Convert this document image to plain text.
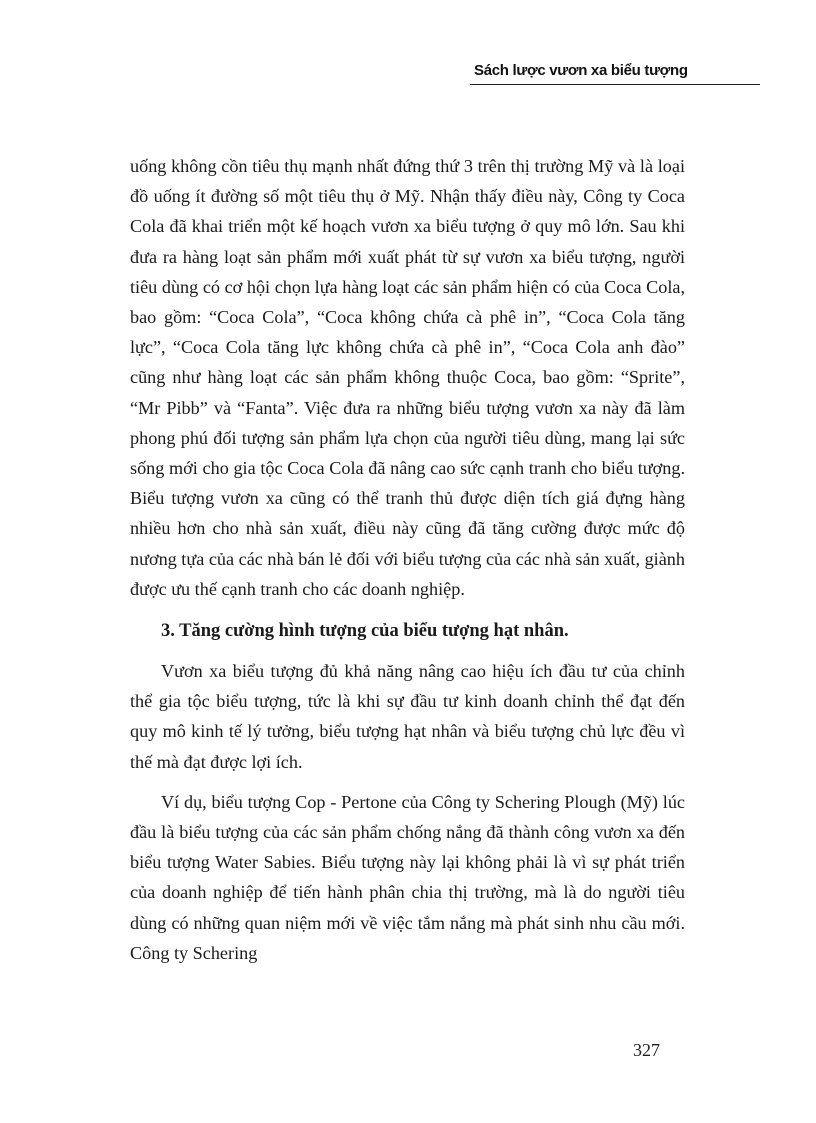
Sách lược vươn xa biểu tượng

uống không cồn tiêu thụ mạnh nhất đứng thứ 3 trên thị trường Mỹ và là loại đồ uống ít đường số một tiêu thụ ở Mỹ. Nhận thấy điều này, Công ty Coca Cola đã khai triển một kế hoạch vươn xa biểu tượng ở quy mô lớn. Sau khi đưa ra hàng loạt sản phẩm mới xuất phát từ sự vươn xa biểu tượng, người tiêu dùng có cơ hội chọn lựa hàng loạt các sản phẩm hiện có của Coca Cola, bao gồm: “Coca Cola”, “Coca không chứa cà phê in”, “Coca Cola tăng lực”, “Coca Cola tăng lực không chứa cà phê in”, “Coca Cola anh đào” cũng như hàng loạt các sản phẩm không thuộc Coca, bao gồm: “Sprite”, “Mr Pibb” và “Fanta”. Việc đưa ra những biểu tượng vươn xa này đã làm phong phú đối tượng sản phẩm lựa chọn của người tiêu dùng, mang lại sức sống mới cho gia tộc Coca Cola đã nâng cao sức cạnh tranh cho biểu tượng. Biểu tượng vươn xa cũng có thể tranh thủ được diện tích giá đựng hàng nhiều hơn cho nhà sản xuất, điều này cũng đã tăng cường được mức độ nương tựa của các nhà bán lẻ đối với biểu tượng của các nhà sản xuất, giành được ưu thế cạnh tranh cho các doanh nghiệp.

3. Tăng cường hình tượng của biểu tượng hạt nhân.

Vươn xa biểu tượng đủ khả năng nâng cao hiệu ích đầu tư của chỉnh thể gia tộc biểu tượng, tức là khi sự đầu tư kinh doanh chỉnh thể đạt đến quy mô kinh tế lý tưởng, biểu tượng hạt nhân và biểu tượng chủ lực đều vì thế mà đạt được lợi ích.

Ví dụ, biểu tượng Cop - Pertone của Công ty Schering Plough (Mỹ) lúc đầu là biểu tượng của các sản phẩm chống nắng đã thành công vươn xa đến biểu tượng Water Sabies. Biểu tượng này lại không phải là vì sự phát triển của doanh nghiệp để tiến hành phân chia thị trường, mà là do người tiêu dùng có những quan niệm mới về việc tắm nắng mà phát sinh nhu cầu mới. Công ty Schering

327
